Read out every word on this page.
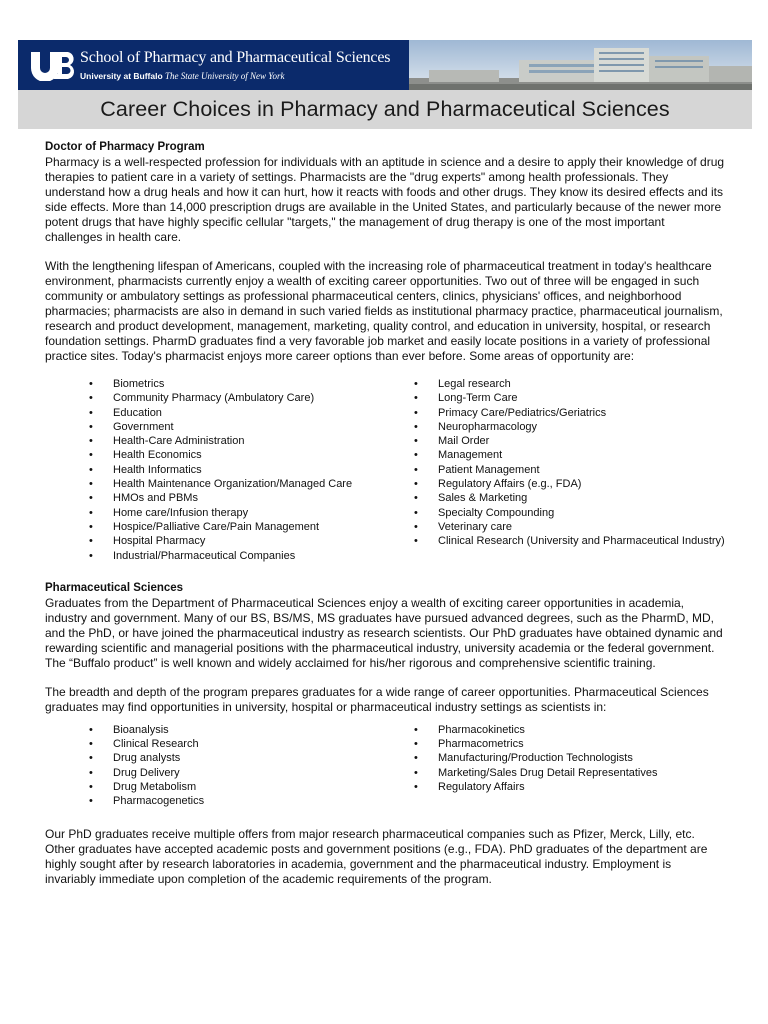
School of Pharmacy and Pharmaceutical Sciences
University at Buffalo The State University of New York
Career Choices in Pharmacy and Pharmaceutical Sciences

Doctor of Pharmacy Program

Pharmacy is a well-respected profession for individuals with an aptitude in science and a desire to apply their knowledge of drug therapies to patient care in a variety of settings. Pharmacists are the "drug experts" among health professionals. They understand how a drug heals and how it can hurt, how it reacts with foods and other drugs. They know its desired effects and its side effects. More than 14,000 prescription drugs are available in the United States, and particularly because of the newer more potent drugs that have highly specific cellular "targets," the management of drug therapy is one of the most important challenges in health care.

With the lengthening lifespan of Americans, coupled with the increasing role of pharmaceutical treatment in today's healthcare environment, pharmacists currently enjoy a wealth of exciting career opportunities. Two out of three will be engaged in such community or ambulatory settings as professional pharmaceutical centers, clinics, physicians' offices, and neighborhood pharmacies; pharmacists are also in demand in such varied fields as institutional pharmacy practice, pharmaceutical journalism, research and product development, management, marketing, quality control, and education in university, hospital, or research foundation settings. PharmD graduates find a very favorable job market and easily locate positions in a variety of professional practice sites. Today's pharmacist enjoys more career options than ever before. Some areas of opportunity are:

• Biometrics
• Community Pharmacy (Ambulatory Care)
• Education
• Government
• Health-Care Administration
• Health Economics
• Health Informatics
• Health Maintenance Organization/Managed Care
• HMOs and PBMs
• Home care/Infusion therapy
• Hospice/Palliative Care/Pain Management
• Hospital Pharmacy
• Industrial/Pharmaceutical Companies
• Legal research
• Long-Term Care
• Primacy Care/Pediatrics/Geriatrics
• Neuropharmacology
• Mail Order
• Management
• Patient Management
• Regulatory Affairs (e.g., FDA)
• Sales & Marketing
• Specialty Compounding
• Veterinary care
• Clinical Research (University and Pharmaceutical Industry)

Pharmaceutical Sciences

Graduates from the Department of Pharmaceutical Sciences enjoy a wealth of exciting career opportunities in academia, industry and government. Many of our BS, BS/MS, MS graduates have pursued advanced degrees, such as the PharmD, MD, and the PhD, or have joined the pharmaceutical industry as research scientists. Our PhD graduates have obtained dynamic and rewarding scientific and managerial positions with the pharmaceutical industry, university academia or the federal government. The “Buffalo product” is well known and widely acclaimed for his/her rigorous and comprehensive scientific training.

The breadth and depth of the program prepares graduates for a wide range of career opportunities. Pharmaceutical Sciences graduates may find opportunities in university, hospital or pharmaceutical industry settings as scientists in:

• Bioanalysis
• Clinical Research
• Drug analysts
• Drug Delivery
• Drug Metabolism
• Pharmacogenetics
• Pharmacokinetics
• Pharmacometrics
• Manufacturing/Production Technologists
• Marketing/Sales Drug Detail Representatives
• Regulatory Affairs

Our PhD graduates receive multiple offers from major research pharmaceutical companies such as Pfizer, Merck, Lilly, etc. Other graduates have accepted academic posts and government positions (e.g., FDA). PhD graduates of the department are highly sought after by research laboratories in academia, government and the pharmaceutical industry. Employment is invariably immediate upon completion of the academic requirements of the program.
